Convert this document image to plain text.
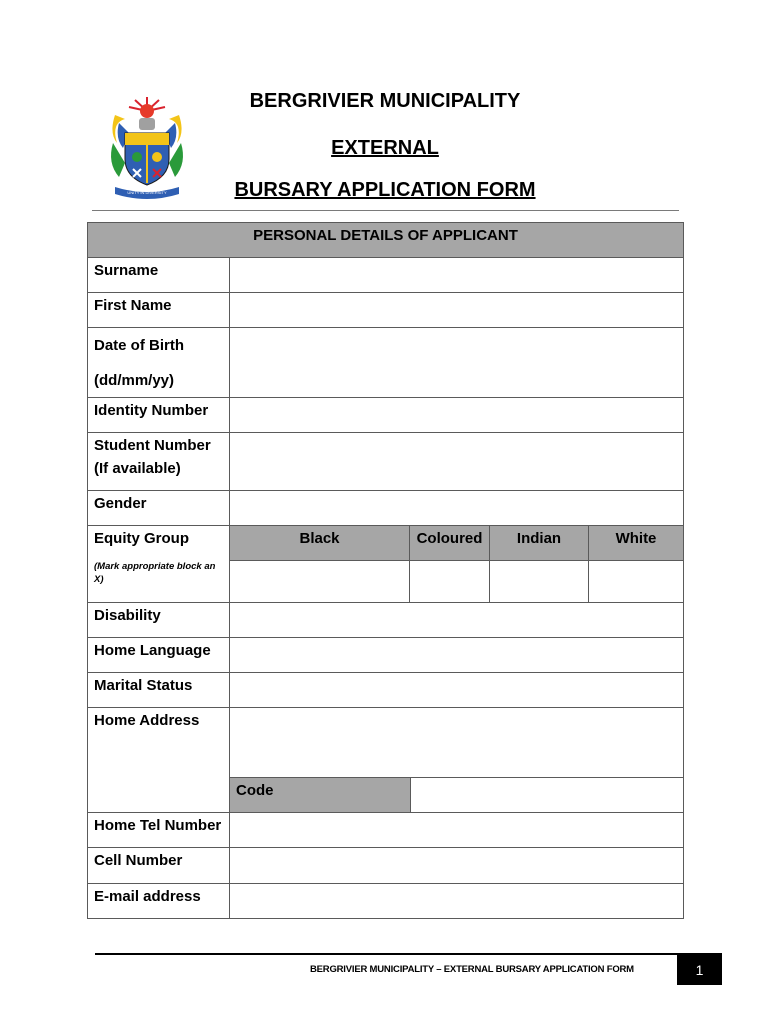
UNITY IN DIVERSITY
BERGRIVIER MUNICIPALITY
EXTERNAL
BURSARY APPLICATION FORM
PERSONAL DETAILS OF APPLICANT
Surname
First Name
Date of Birth
(dd/mm/yy)
Identity Number
Student Number
(If available)
Gender
Equity Group
(Mark appropriate block an X)
Black	Coloured	Indian	White
Disability
Home Language
Marital Status
Home Address
Code
Home Tel Number
Cell Number
E-mail address
BERGRIVIER MUNICIPALITY – EXTERNAL BURSARY APPLICATION FORM	1
